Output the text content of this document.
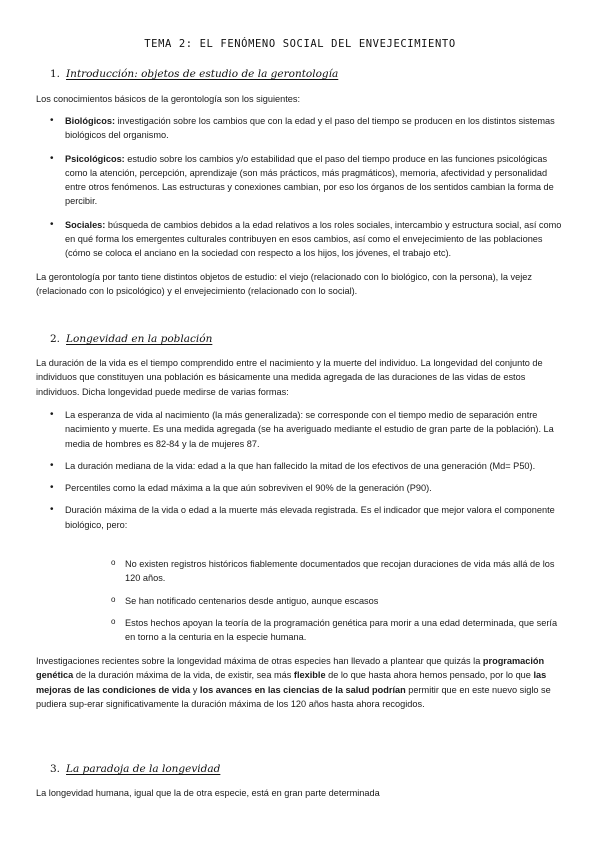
TEMA 2: EL FENÓMENO SOCIAL DEL ENVEJECIMIENTO
1. Introducción: objetos de estudio de la gerontología

Los conocimientos básicos de la gerontología son los siguientes:

• Biológicos: investigación sobre los cambios que con la edad y el paso del tiempo se producen en los distintos sistemas biológicos del organismo.
• Psicológicos: estudio sobre los cambios y/o estabilidad que el paso del tiempo produce en las funciones psicológicas como la atención, percepción, aprendizaje (son más prácticos, más pragmáticos), memoria, afectividad y personalidad entre otros fenómenos. Las estructuras y conexiones cambian, por eso los órganos de los sentidos cambian la forma de percibir.
• Sociales: búsqueda de cambios debidos a la edad relativos a los roles sociales, intercambio y estructura social, así como en qué forma los emergentes culturales contribuyen en esos cambios, así como el envejecimiento de las poblaciones (cómo se coloca el anciano en la sociedad con respecto a los hijos, los jóvenes, el trabajo etc).

La gerontología por tanto tiene distintos objetos de estudio: el viejo (relacionado con lo biológico, con la persona), la vejez (relacionado con lo psicológico) y el envejecimiento (relacionado con lo social).

2. Longevidad en la población

La duración de la vida es el tiempo comprendido entre el nacimiento y la muerte del individuo. La longevidad del conjunto de individuos que constituyen una población es básicamente una medida agregada de las duraciones de las vidas de estos individuos. Dicha longevidad puede medirse de varias formas:

• La esperanza de vida al nacimiento (la más generalizada): se corresponde con el tiempo medio de separación entre nacimiento y muerte. Es una medida agregada (se ha averiguado mediante el estudio de gran parte de la población). La media de hombres es 82-84 y la de mujeres 87.
• La duración mediana de la vida: edad a la que han fallecido la mitad de los efectivos de una generación (Md= P50).
• Percentiles como la edad máxima a la que aún sobreviven el 90% de la generación (P90).
• Duración máxima de la vida o edad a la muerte más elevada registrada. Es el indicador que mejor valora el componente biológico, pero:
o No existen registros históricos fiablemente documentados que recojan duraciones de vida más allá de los 120 años.
o Se han notificado centenarios desde antiguo, aunque escasos
o Estos hechos apoyan la teoría de la programación genética para morir a una edad determinada, que sería en torno a la centuria en la especie humana.

Investigaciones recientes sobre la longevidad máxima de otras especies han llevado a plantear que quizás la programación genética de la duración máxima de la vida, de existir, sea más flexible de lo que hasta ahora hemos pensado, por lo que las mejoras de las condiciones de vida y los avances en las ciencias de la salud podrían permitir que en este nuevo siglo se pudiera sup-erar significativamente la duración máxima de los 120 años hasta ahora recogidos.

3. La paradoja de la longevidad

La longevidad humana, igual que la de otra especie, está en gran parte determinada
